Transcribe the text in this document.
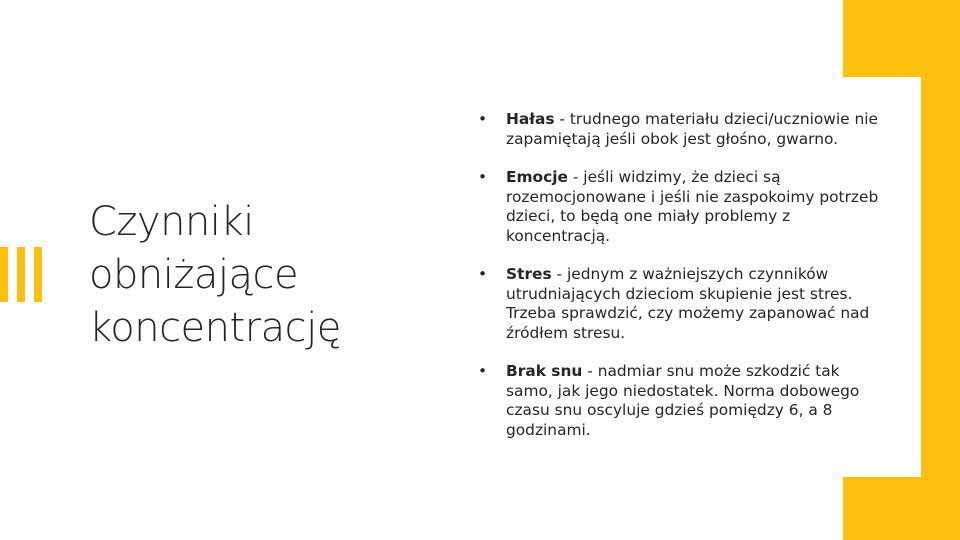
Czynniki
obniżające
koncentrację
• Hałas - trudnego materiału dzieci/uczniowie nie zapamiętają jeśli obok jest głośno, gwarno.
• Emocje - jeśli widzimy, że dzieci są rozemocjonowane i jeśli nie zaspokoimy potrzeb dzieci, to będą one miały problemy z koncentracją.
• Stres - jednym z ważniejszych czynników utrudniających dzieciom skupienie jest stres. Trzeba sprawdzić, czy możemy zapanować nad źródłem stresu.
• Brak snu - nadmiar snu może szkodzić tak samo, jak jego niedostatek. Norma dobowego czasu snu oscyluje gdzieś pomiędzy 6, a 8 godzinami.
